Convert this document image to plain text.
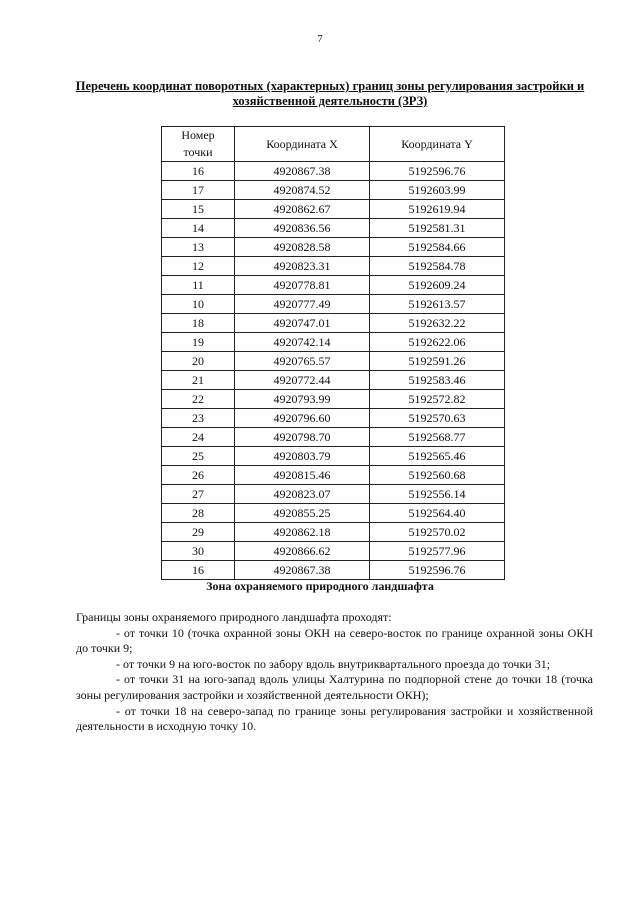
7
Перечень координат поворотных (характерных) границ зоны регулирования застройки и хозяйственной деятельности (ЗРЗ)
Номер точки	Координата X	Координата Y
16	4920867.38	5192596.76
17	4920874.52	5192603.99
15	4920862.67	5192619.94
14	4920836.56	5192581.31
13	4920828.58	5192584.66
12	4920823.31	5192584.78
11	4920778.81	5192609.24
10	4920777.49	5192613.57
18	4920747.01	5192632.22
19	4920742.14	5192622.06
20	4920765.57	5192591.26
21	4920772.44	5192583.46
22	4920793.99	5192572.82
23	4920796.60	5192570.63
24	4920798.70	5192568.77
25	4920803.79	5192565.46
26	4920815.46	5192560.68
27	4920823.07	5192556.14
28	4920855.25	5192564.40
29	4920862.18	5192570.02
30	4920866.62	5192577.96
16	4920867.38	5192596.76
Зона охраняемого природного ландшафта

Границы зоны охраняемого природного ландшафта проходят:

- от точки 10 (точка охранной зоны ОКН на северо-восток по границе охранной зоны ОКН до точки 9;

- от точки 9 на юго-восток по забору вдоль внутриквартального проезда до точки 31;

- от точки 31 на юго-запад вдоль улицы Халтурина по подпорной стене до точки 18 (точка зоны регулирования застройки и хозяйственной деятельности ОКН);

- от точки 18 на северо-запад по границе зоны регулирования застройки и хозяйственной деятельности в исходную точку 10.
